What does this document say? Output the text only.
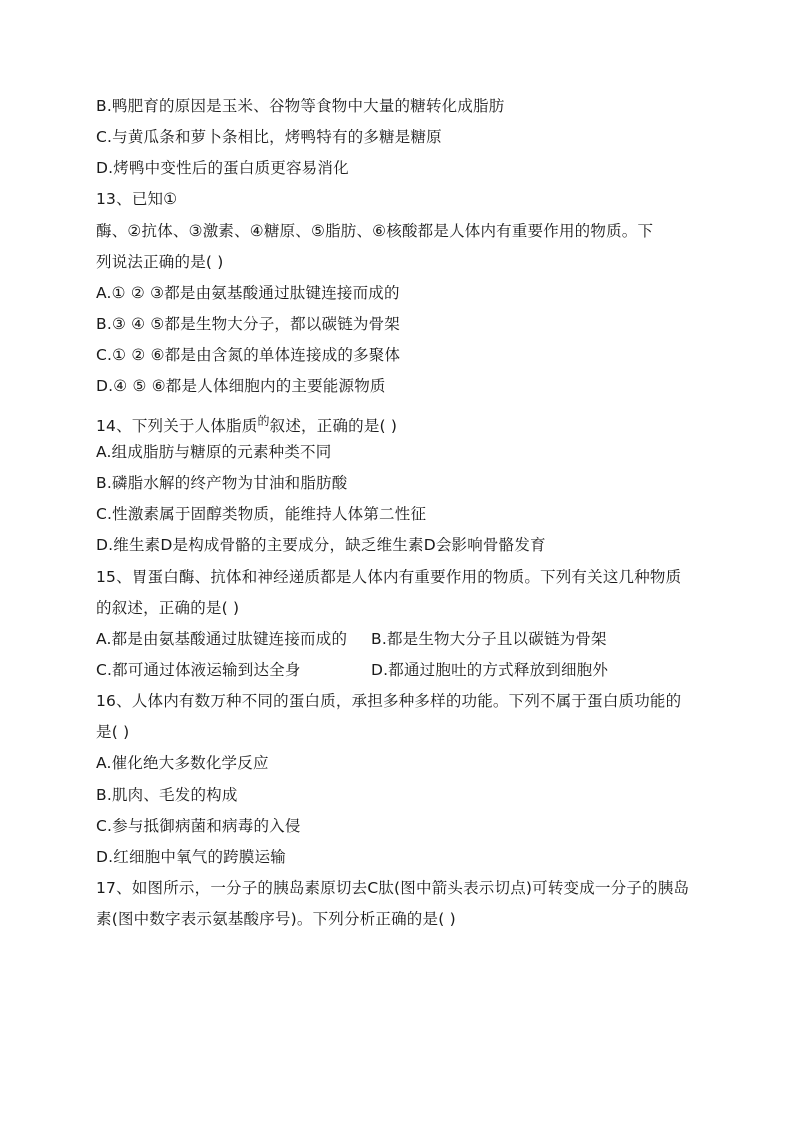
B.鸭肥育的原因是玉米、谷物等食物中大量的糖转化成脂肪
C.与黄瓜条和萝卜条相比，烤鸭特有的多糖是糖原
D.烤鸭中变性后的蛋白质更容易消化
13、已知①
酶、②抗体、③激素、④糖原、⑤脂肪、⑥核酸都是人体内有重要作用的物质。下
列说法正确的是( )
A.① ② ③都是由氨基酸通过肽键连接而成的
B.③ ④ ⑤都是生物大分子，都以碳链为骨架
C.① ② ⑥都是由含氮的单体连接成的多聚体
D.④ ⑤ ⑥都是人体细胞内的主要能源物质
14、下列关于人体脂质$^的$叙述，正确的是( )
A.组成脂肪与糖原的元素种类不同
B.磷脂水解的终产物为甘油和脂肪酸
C.性激素属于固醇类物质，能维持人体第二性征
D.维生素D是构成骨骼的主要成分，缺乏维生素D会影响骨骼发育
15、胃蛋白酶、抗体和神经递质都是人体内有重要作用的物质。下列有关这几种物质
的叙述，正确的是( )
A.都是由氨基酸通过肽键连接而成的 B.都是生物大分子且以碳链为骨架
C.都可通过体液运输到达全身	D.都通过胞吐的方式释放到细胞外
16、人体内有数万种不同的蛋白质，承担多种多样的功能。下列不属于蛋白质功能的
是( )
A.催化绝大多数化学反应
B.肌肉、毛发的构成
C.参与抵御病菌和病毒的入侵
D.红细胞中氧气的跨膜运输
17、如图所示，一分子的胰岛素原切去C肽(图中箭头表示切点)可转变成一分子的胰岛
素(图中数字表示氨基酸序号)。下列分析正确的是( )
